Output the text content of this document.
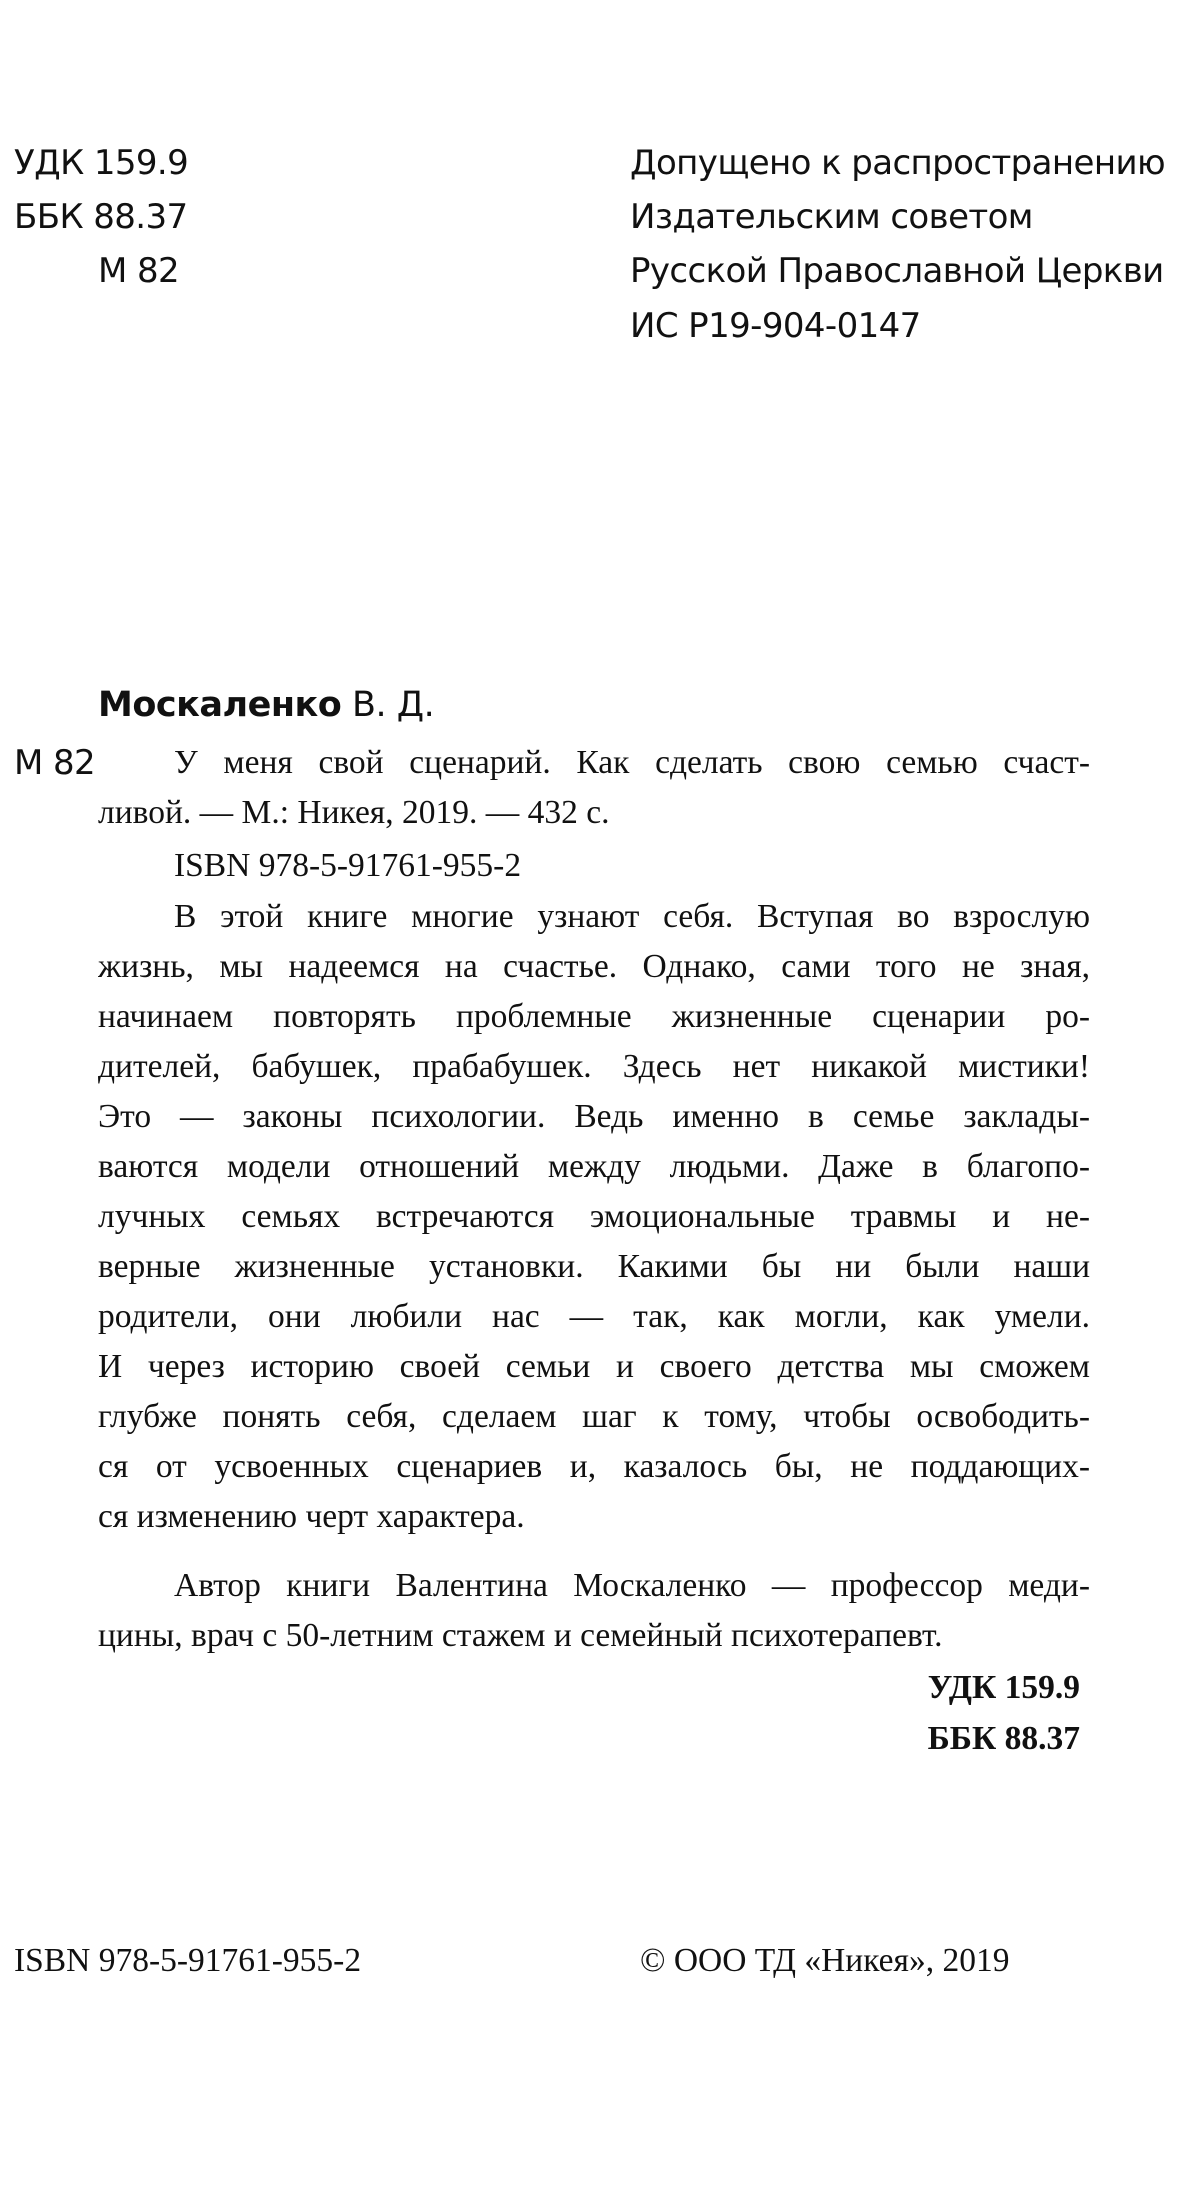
УДК 159.9
ББК 88.37
М 82
Допущено к распространению
Издательским советом
Русской Православной Церкви
ИС Р19-904-0147
Москаленко В. Д.
М 82 У меня свой сценарий. Как сделать свою семью счаст-
ливой. — М.: Никея, 2019. — 432 с.
ISBN 978-5-91761-955-2
В этой книге многие узнают себя. Вступая во взрослую
жизнь, мы надеемся на счастье. Однако, сами того не зная,
начинаем повторять проблемные жизненные сценарии ро-
дителей, бабушек, прабабушек. Здесь нет никакой мистики!
Это — законы психологии. Ведь именно в семье заклады-
ваются модели отношений между людьми. Даже в благопо-
лучных семьях встречаются эмоциональные травмы и не-
верные жизненные установки. Какими бы ни были наши
родители, они любили нас — так, как могли, как умели.
И через историю своей семьи и своего детства мы сможем
глубже понять себя, сделаем шаг к тому, чтобы освободить-
ся от усвоенных сценариев и, казалось бы, не поддающих-
ся изменению черт характера.
Автор книги Валентина Москаленко — профессор меди-
цины, врач с 50-летним стажем и семейный психотерапевт.
УДК 159.9
ББК 88.37
ISBN 978-5-91761-955-2	© ООО ТД «Никея», 2019
